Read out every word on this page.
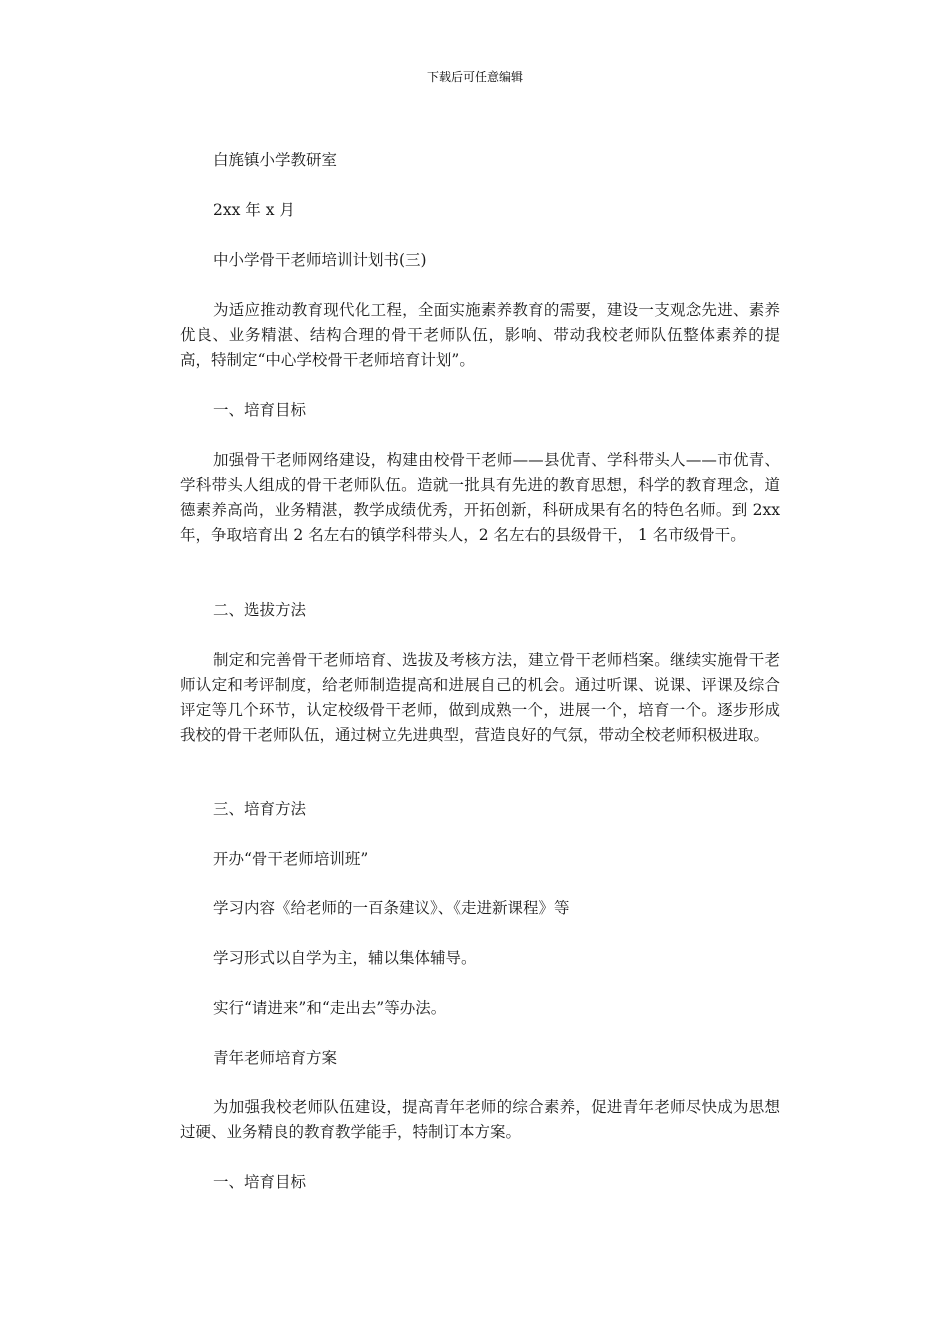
下载后可任意编辑
白旄镇小学教研室
2xx 年 x 月
中小学骨干老师培训计划书(三)
为适应推动教育现代化工程，全面实施素养教育的需要，建设一支观念先进、素养优良、业务精湛、结构合理的骨干老师队伍，影响、带动我校老师队伍整体素养的提高，特制定“中心学校骨干老师培育计划”。
一、培育目标
加强骨干老师网络建设，构建由校骨干老师——县优青、学科带头人——市优青、学科带头人组成的骨干老师队伍。造就一批具有先进的教育思想，科学的教育理念，道德素养高尚，业务精湛，教学成绩优秀，开拓创新，科研成果有名的特色名师。到 2xx 年，争取培育出 2 名左右的镇学科带头人，2 名左右的县级骨干， 1 名市级骨干。
二、选拔方法
制定和完善骨干老师培育、选拔及考核方法，建立骨干老师档案。继续实施骨干老师认定和考评制度，给老师制造提高和进展自己的机会。通过听课、说课、评课及综合评定等几个环节，认定校级骨干老师，做到成熟一个，进展一个，培育一个。逐步形成我校的骨干老师队伍，通过树立先进典型，营造良好的气氛，带动全校老师积极进取。
三、培育方法
开办“骨干老师培训班”
学习内容《给老师的一百条建议》、《走进新课程》等
学习形式以自学为主，辅以集体辅导。
实行“请进来”和“走出去”等办法。
青年老师培育方案
为加强我校老师队伍建设，提高青年老师的综合素养，促进青年老师尽快成为思想过硬、业务精良的教育教学能手，特制订本方案。
一、培育目标
